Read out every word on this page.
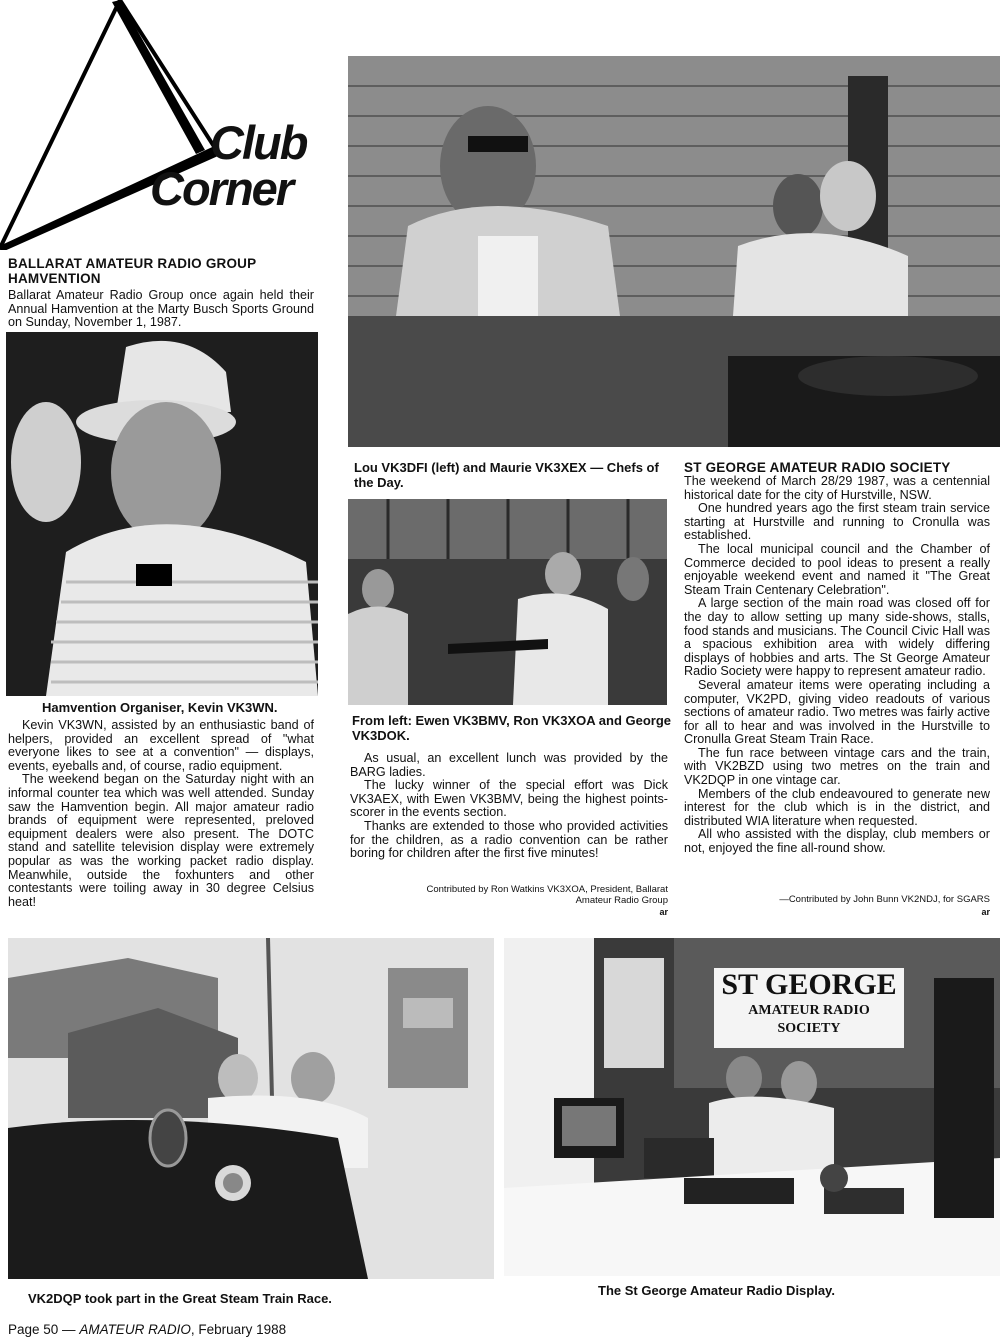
Club
Corner
BALLARAT AMATEUR RADIO GROUP
HAMVENTION

Ballarat Amateur Radio Group once again held their Annual Hamvention at the Marty Busch Sports Ground on Sunday, November 1, 1987.

Hamvention Organiser, Kevin VK3WN.

Kevin VK3WN, assisted by an enthusiastic band of helpers, provided an excellent spread of "what everyone likes to see at a convention" — displays, events, eyeballs and, of course, radio equipment.

The weekend began on the Saturday night with an informal counter tea which was well attended. Sunday saw the Hamvention begin. All major amateur radio brands of equipment were represented, preloved equipment dealers were also present. The DOTC stand and satellite television display were extremely popular as was the working packet radio display. Meanwhile, outside the foxhunters and other contestants were toiling away in 30 degree Celsius heat!

Lou VK3DFI (left) and Maurie VK3XEX — Chefs of the Day.
From left: Ewen VK3BMV, Ron VK3XOA and George VK3DOK.

As usual, an excellent lunch was provided by the BARG ladies.

The lucky winner of the special effort was Dick VK3AEX, with Ewen VK3BMV, being the highest points-scorer in the events section.

Thanks are extended to those who provided activities for the children, as a radio convention can be rather boring for children after the first five minutes!

Contributed by Ron Watkins VK3XOA, President, Ballarat
Amateur Radio Group
ar
ST GEORGE AMATEUR RADIO SOCIETY

The weekend of March 28/29 1987, was a centennial historical date for the city of Hurstville, NSW.

One hundred years ago the first steam train service starting at Hurstville and running to Cronulla was established.

The local municipal council and the Chamber of Commerce decided to pool ideas to present a really enjoyable weekend event and named it "The Great Steam Train Centenary Celebration".

A large section of the main road was closed off for the day to allow setting up many side-shows, stalls, food stands and musicians. The Council Civic Hall was a spacious exhibition area with widely differing displays of hobbies and arts. The St George Amateur Radio Society were happy to represent amateur radio.

Several amateur items were operating including a computer, VK2PD, giving video readouts of various sections of amateur radio. Two metres was fairly active for all to hear and was involved in the Hurstville to Cronulla Great Steam Train Race.

The fun race between vintage cars and the train, with VK2BZD using two metres on the train and VK2DQP in one vintage car.

Members of the club endeavoured to generate new interest for the club which is in the district, and distributed WIA literature when requested.

All who assisted with the display, club members or not, enjoyed the fine all-round show.

—Contributed by John Bunn VK2NDJ, for SGARS
ar
VK2DQP took part in the Great Steam Train Race.
ST GEORGE
AMATEUR RADIO SOCIETY
The St George Amateur Radio Display.
Page 50 — AMATEUR RADIO, February 1988
